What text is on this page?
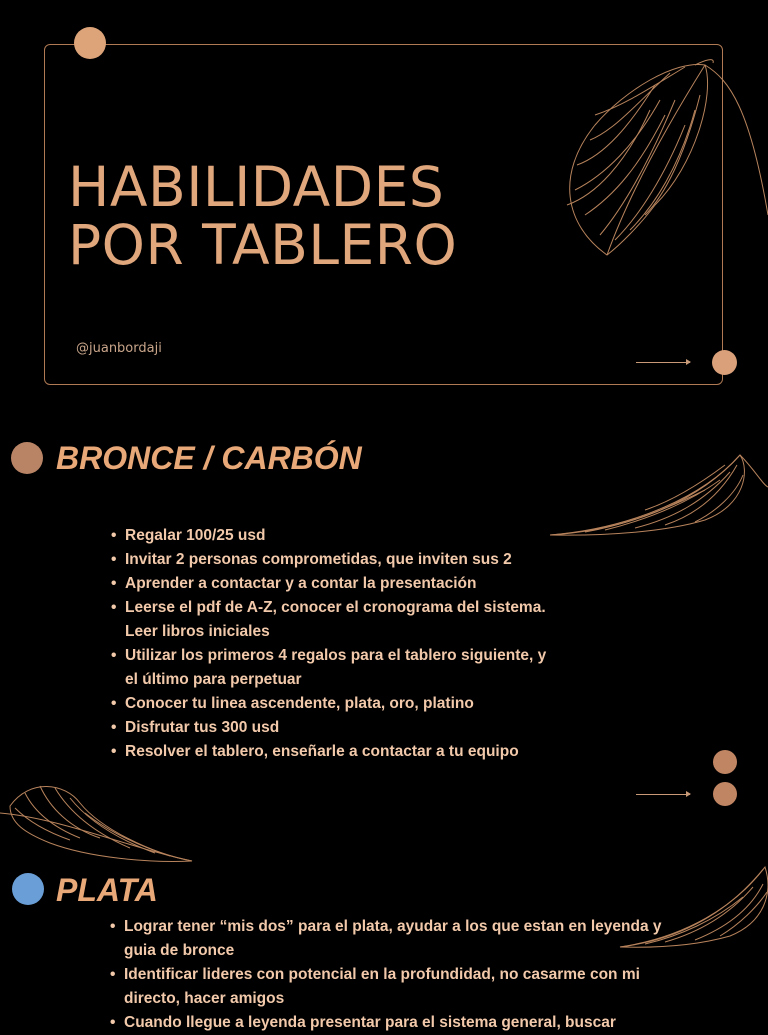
HABILIDADES
POR TABLERO
@juanbordaji
BRONCE / CARBÓN
• Regalar 100/25 usd
• Invitar 2 personas comprometidas, que inviten sus 2
• Aprender a contactar y a contar la presentación
• Leerse el pdf de A-Z, conocer el cronograma del sistema. Leer libros iniciales
• Utilizar los primeros 4 regalos para el tablero siguiente, y el último para perpetuar
• Conocer tu linea ascendente, plata, oro, platino
• Disfrutar tus 300 usd
• Resolver el tablero, enseñarle a contactar a tu equipo
PLATA
• Lograr tener “mis dos” para el plata, ayudar a los que estan en leyenda y guia de bronce
• Identificar lideres con potencial en la profundidad, no casarme con mi directo, hacer amigos
• Cuando llegue a leyenda presentar para el sistema general, buscar
